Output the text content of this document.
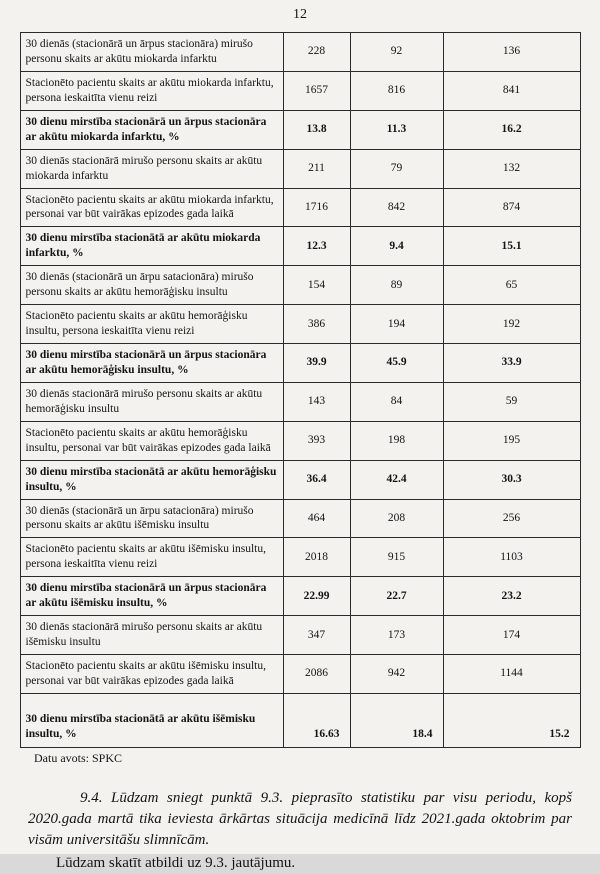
12
30 dienās (stacionārā un ārpus stacionāra) mirušo personu skaits ar akūtu miokarda infarktu	228	92	136
Stacionēto pacientu skaits ar akūtu miokarda infarktu, persona ieskaitīta vienu reizi	1657	816	841
30 dienu mirstība stacionārā un ārpus stacionāra ar akūtu miokarda infarktu, %	13.8	11.3	16.2
30 dienās stacionārā mirušo personu skaits ar akūtu miokarda infarktu	211	79	132
Stacionēto pacientu skaits ar akūtu miokarda infarktu, personai var būt vairākas epizodes gada laikā	1716	842	874
30 dienu mirstība stacionātā ar akūtu miokarda infarktu, %	12.3	9.4	15.1
30 dienās (stacionārā un ārpu satacionāra) mirušo personu skaits ar akūtu hemorāģisku insultu	154	89	65
Stacionēto pacientu skaits ar akūtu hemorāģisku insultu, persona ieskaitīta vienu reizi	386	194	192
30 dienu mirstība stacionārā un ārpus stacionāra ar akūtu hemorāģisku insultu, %	39.9	45.9	33.9
30 dienās stacionārā mirušo personu skaits ar akūtu hemorāģisku insultu	143	84	59
Stacionēto pacientu skaits ar akūtu hemorāģisku insultu, personai var būt vairākas epizodes gada laikā	393	198	195
30 dienu mirstība stacionātā ar akūtu hemorāģisku insultu, %	36.4	42.4	30.3
30 dienās (stacionārā un ārpu satacionāra) mirušo personu skaits ar akūtu išēmisku insultu	464	208	256
Stacionēto pacientu skaits ar akūtu išēmisku insultu, persona ieskaitīta vienu reizi	2018	915	1103
30 dienu mirstība stacionārā un ārpus stacionāra ar akūtu išēmisku insultu, %	22.99	22.7	23.2
30 dienās stacionārā mirušo personu skaits ar akūtu išēmisku insultu	347	173	174
Stacionēto pacientu skaits ar akūtu išēmisku insultu, personai var būt vairākas epizodes gada laikā	2086	942	1144
30 dienu mirstība stacionātā ar akūtu išēmisku insultu, %	16.63	18.4	15.2
Datu avots: SPKC
9.4. Lūdzam sniegt punktā 9.3. pieprasīto statistiku par visu periodu, kopš 2020.gada martā tika ieviesta ārkārtas situācija medicīnā līdz 2021.gada oktobrim par visām universitāšu slimnīcām.
Lūdzam skatīt atbildi uz 9.3. jautājumu.
